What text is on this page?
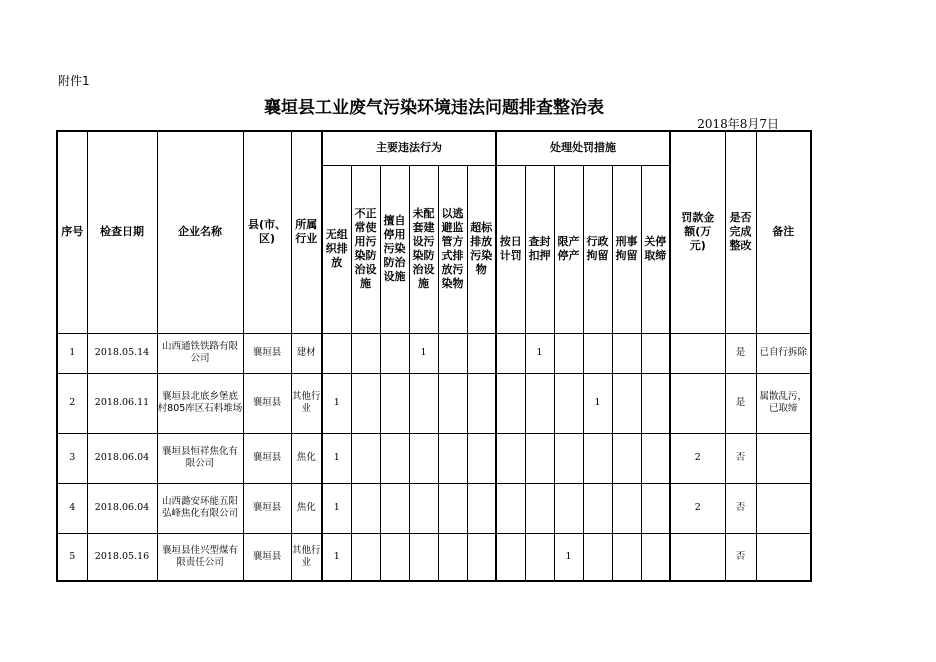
附件1
襄垣县工业废气污染环境违法问题排查整治表
2018年8月7日
序号	检查日期	企业名称	县(市、区)	所属行业	主要违法行为						处理处罚措施						罚款金额(万元)	是否完成整改	备注
					无组织排放	不正常使用污染防治设施	擅自停用污染防治设施	未配套建设污染防治设施	以逃避监管方式排放污染物	超标排放污染物	按日计罚	查封扣押	限产停产	行政拘留	刑事拘留	关停取缔			
1	2018.05.14	山西通铁铁路有限公司	襄垣县	建材				1				1						是	已自行拆除
2	2018.06.11	襄垣县北底乡堡底村805库区石料堆场	襄垣县	其他行业	1									1				是	属散乱污，已取缔
3	2018.06.04	襄垣县恒祥焦化有限公司	襄垣县	焦化	1												2	否	
4	2018.06.04	山西潞安环能五阳弘峰焦化有限公司	襄垣县	焦化	1												2	否	
5	2018.05.16	襄垣县佳兴型煤有限责任公司	襄垣县	其他行业	1								1					否	
